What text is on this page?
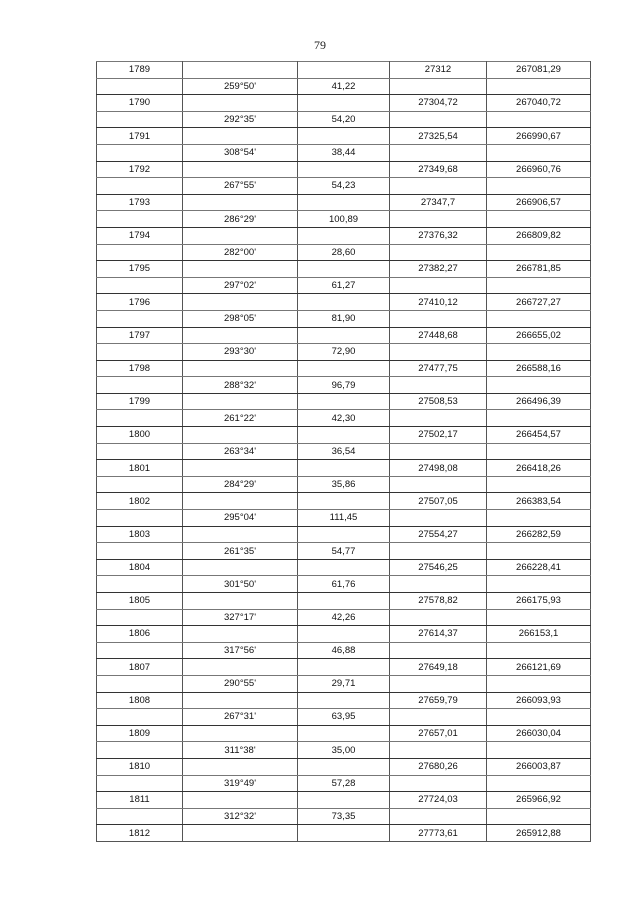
79
1789			27312	267081,29
	259°50'	41,22		
1790			27304,72	267040,72
	292°35'	54,20		
1791			27325,54	266990,67
	308°54'	38,44		
1792			27349,68	266960,76
	267°55'	54,23		
1793			27347,7	266906,57
	286°29'	100,89		
1794			27376,32	266809,82
	282°00'	28,60		
1795			27382,27	266781,85
	297°02'	61,27		
1796			27410,12	266727,27
	298°05'	81,90		
1797			27448,68	266655,02
	293°30'	72,90		
1798			27477,75	266588,16
	288°32'	96,79		
1799			27508,53	266496,39
	261°22'	42,30		
1800			27502,17	266454,57
	263°34'	36,54		
1801			27498,08	266418,26
	284°29'	35,86		
1802			27507,05	266383,54
	295°04'	111,45		
1803			27554,27	266282,59
	261°35'	54,77		
1804			27546,25	266228,41
	301°50'	61,76		
1805			27578,82	266175,93
	327°17'	42,26		
1806			27614,37	266153,1
	317°56'	46,88		
1807			27649,18	266121,69
	290°55'	29,71		
1808			27659,79	266093,93
	267°31'	63,95		
1809			27657,01	266030,04
	311°38'	35,00		
1810			27680,26	266003,87
	319°49'	57,28		
1811			27724,03	265966,92
	312°32'	73,35		
1812			27773,61	265912,88
